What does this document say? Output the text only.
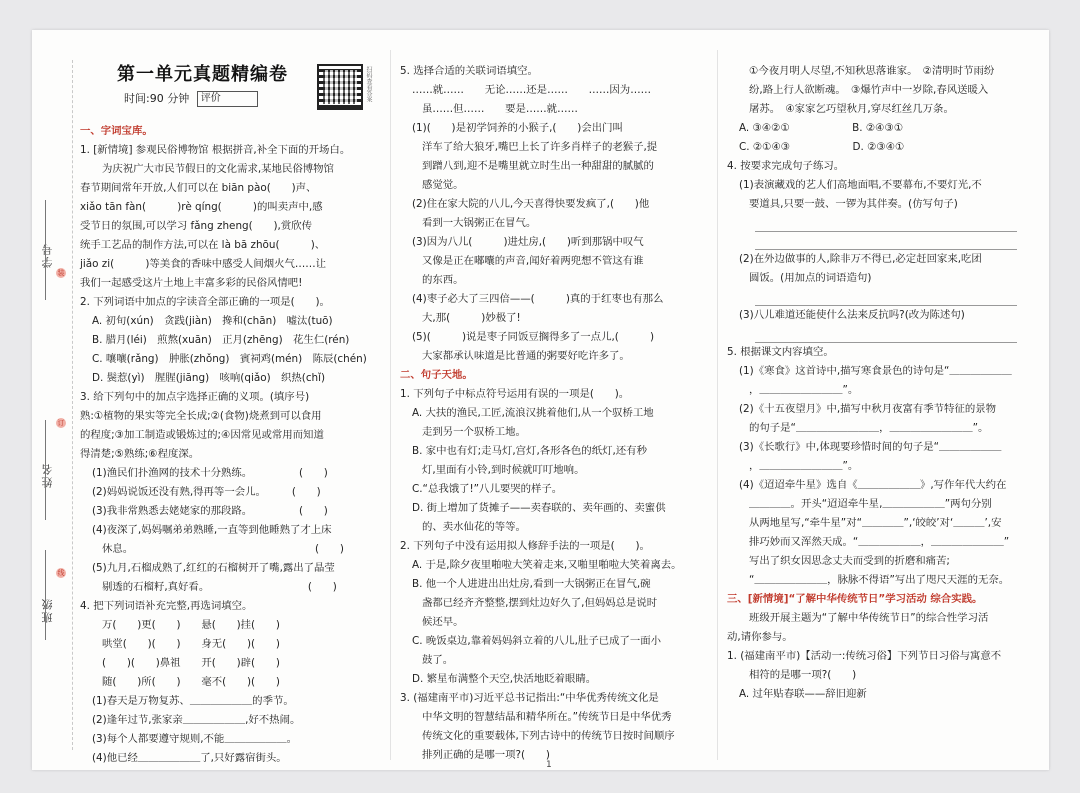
学号
姓名
班级
装
订
线
第一单元真题精编卷
时间:90 分钟 评价	扫码查看答案

一、字词宝库。

1. [新情境] 参观民俗博物馆 根据拼音,补全下面的开场白。

为庆祝广大市民节假日的文化需求,某地民俗博物馆

春节期间常年开放,人们可以在 biān pào(　　)声、

xiǎo tān fàn(　　　)rè qíng(　　　)的叫卖声中,感

受节日的氛围,可以学习 fǎng zheng(　　),赏欣传

统手工艺品的制作方法,可以在 là bā zhōu(　　　)、

jiǎo zi(　　　)等美食的香味中感受人间烟火气……让

我们一起感受这片土地上丰富多彩的民俗风情吧!

2. 下列词语中加点的字读音全部正确的一项是(　　)。

A. 初旬(xún)　贪践(jiàn)　搀和(chān)　嘘汰(tuō)

B. 腊月(léi)　煎熬(xuān)　正月(zhēng)　花生仁(rén)

C. 嚷嚷(rǎng)　肿胀(zhǒng)　賓祠鸡(mén)　陈辰(chén)

D. 鬓惹(yì)　腥腥(jiāng)　咳响(qiǎo)　织热(chǐ)

3. 给下列句中的加点字选择正确的义项。(填序号)

熟:①植物的果实等完全长成;②(食物)烧煮到可以食用

的程度;③加工制造或锻炼过的;④因常见或常用而知道

得清楚;⑤熟练;⑥程度深。

(1)渔民们扑渔网的技术十分熟练。　　　　　(　　)

(2)妈妈说饭还没有熟,得再等一会儿。　　　(　　)

(3)我非常熟悉去姥姥家的那段路。　　　　　(　　)

(4)夜深了,妈妈嘱弟弟熟睡,一直等到他睡熟了才上床

休息。　　　　　　　　　　　　　　　　　　(　　)

(5)九月,石榴成熟了,红红的石榴树开了嘴,露出了晶莹

剔透的石榴籽,真好看。　　　　　　　　　　(　　)

4. 把下列词语补充完整,再选词填空。

万(　　)更(　　)　　悬(　　)挂(　　)

哄堂(　　)(　　)　　身无(　　)(　　)

(　　)(　　)鼻祖　　开(　　)辟(　　)

随(　　)所(　　)　　毫不(　　)(　　)

(1)春天是万物复苏、＿＿＿＿＿＿的季节。

(2)逢年过节,张家亲＿＿＿＿＿＿,好不热闹。

(3)每个人都要遵守规则,不能＿＿＿＿＿＿。

(4)他已经＿＿＿＿＿＿了,只好露宿街头。

5. 选择合适的关联词语填空。

……就……　　无论……还是……　　……因为……

虽……但……　　要是……就……

(1)(　　)是初学饲养的小猴子,(　　)会出门叫

洋车了给大狼牙,嘴巴上长了许多肖样子的老猴子,提

到蹭八到,迎不是嘴里就立时生出一种甜甜的腻腻的

感觉觉。

(2)住在家大院的八儿,今天喜得快要发疯了,(　　)他

看到一大锅粥正在冒气。

(3)因为八儿(　　　)进灶房,(　　)听到那锅中叹气

又像是正在嘟囔的声音,闻好着两兜想不管这有谁

的东西。

(4)枣子必大了三四倍——(　　　)真的于红枣也有那么

大,那(　　　)妙极了!

(5)(　　　)说是枣子同饭豆搁得多了一点儿,(　　　)

大家都承认味道是比普通的粥要好吃许多了。

二、句子天地。

1. 下列句子中标点符号运用有误的一项是(　　)。

A. 大扶的渔民,工匠,流浪汉挑着他们,从一个驭桥工地

走到另一个驭桥工地。

B. 家中也有灯;走马灯,宫灯,各形各色的纸灯,还有秒

灯,里面有小铃,到时候就叮叮地响。

C.“总我饿了!”八儿要哭的样子。

D. 街上增加了货摊子——卖春联的、卖年画的、卖蜜供

的、卖水仙花的等等。

2. 下列句子中没有运用拟人修辞手法的一项是(　　)。

A. 于是,除夕夜里啪啦大笑着走来,又啪里啪啦大笑着离去。

B. 他一个人进进出出灶房,看到一大锅粥正在冒气,碗

盏都已经齐齐整整,摆到灶边好久了,但妈妈总是说时

候还早。

C. 晚饭桌边,靠着妈妈斜立着的八儿,肚子已成了一面小

鼓了。

D. 繁星布满整个天空,快活地眨着眼睛。

3. (福建南平市)习近平总书记指出:“中华优秀传统文化是

中华文明的智慧结晶和精华所在。”传统节日是中华优秀

传统文化的重要载体,下列古诗中的传统节日按时间顺序

排列正确的是哪一项?(　　)

①今夜月明人尽望,不知秋思落谁家。　②清明时节雨纷

纷,路上行人欲断魂。　③爆竹声中一岁除,春风送暖入

屠苏。　④家家乞巧望秋月,穿尽红丝几万条。

A. ③④②①　　　　　　B. ②④③①

C. ②①④③　　　　　　D. ②③④①

4. 按要求完成句子练习。

(1)表演藏戏的艺人们高地面唱,不要幕布,不要灯光,不

要道具,只要一鼓、一锣为其伴奏。(仿写句子)

(2)在外边做事的人,除非万不得已,必定赶回家来,吃团

圆饭。(用加点的词语造句)

(3)八儿难道还能使什么法来反抗吗?(改为陈述句)

5. 根据课文内容填空。

(1)《寒食》这首诗中,描写寒食景色的诗句是“＿＿＿＿＿＿

，＿＿＿＿＿＿＿＿”。

(2)《十五夜望月》中,描写中秋月夜富有季节特征的景物

的句子是“＿＿＿＿＿＿＿＿，＿＿＿＿＿＿＿＿”。

(3)《长歌行》中,体现要珍惜时间的句子是“＿＿＿＿＿＿

，＿＿＿＿＿＿＿＿”。

(4)《迢迢牵牛星》选自《＿＿＿＿＿＿》,写作年代大约在

＿＿＿＿。开头“迢迢牵牛星,＿＿＿＿＿＿”两句分别

从两地星写,“牵牛星”对“＿＿＿＿”,‘皎皎’对‘＿＿＿’,安

排巧妙而又浑然天成。“＿＿＿＿＿＿，＿＿＿＿＿＿＿”

写出了织女因思念丈夫而受到的折磨和痛苦;

“＿＿＿＿＿＿＿，脉脉不得语”写出了咫尺天涯的无奈。

三、[新情境]“了解中华传统节日”学习活动 综合实践。

班级开展主题为“了解中华传统节日”的综合性学习活

动,请你参与。

1. (福建南平市)【活动一:传统习俗】下列节日习俗与寓意不

相符的是哪一项?(　　)

A. 过年贴春联——辞旧迎新

1
